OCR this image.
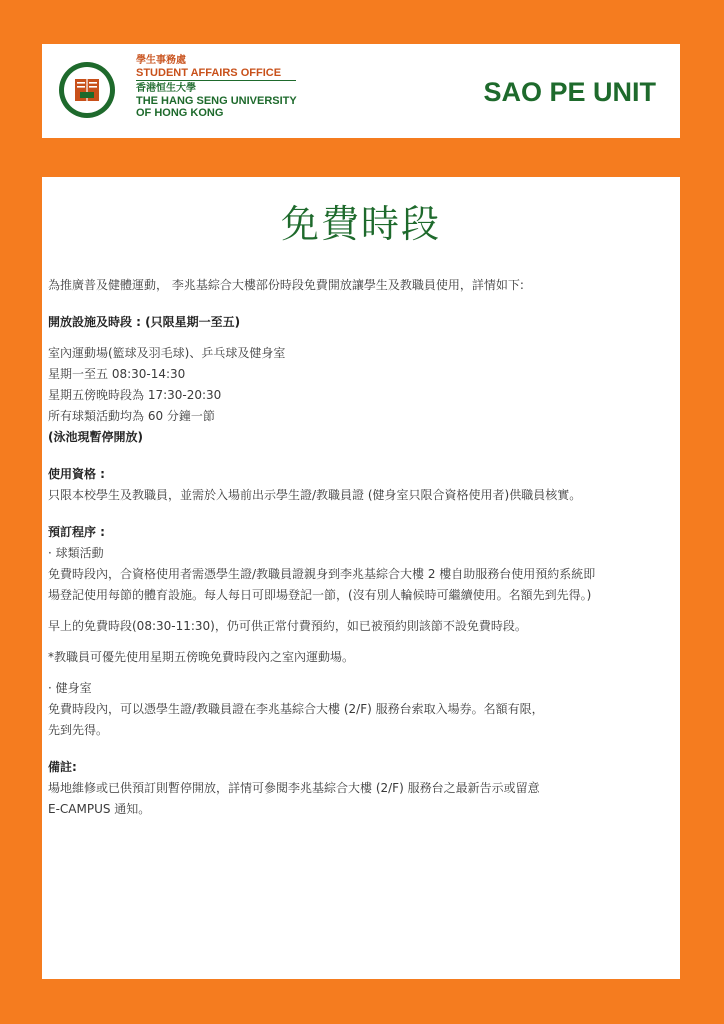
學生事務處
STUDENT AFFAIRS OFFICE
香港恒生大學
THE HANG SENG UNIVERSITY
OF HONG KONG
SAO PE UNIT
免費時段

為推廣普及健體運動， 李兆基綜合大樓部份時段免費開放讓學生及教職員使用，詳情如下:

開放設施及時段 : (只限星期一至五)

室內運動場(籃球及羽毛球)、乒乓球及健身室

星期一至五 08:30-14:30

星期五傍晚時段為 17:30-20:30

所有球類活動均為 60 分鐘一節

(泳池現暫停開放)

使用資格 :

只限本校學生及教職員，並需於入場前出示學生證/教職員證 (健身室只限合資格使用者)供職員核實。

預訂程序 :

· 球類活動

免費時段內，合資格使用者需憑學生證/教職員證親身到李兆基綜合大樓 2 樓自助服務台使用預約系統即

場登記使用每節的體育設施。每人每日可即場登記一節，(沒有別人輪候時可繼續使用。名額先到先得。)

早上的免費時段(08:30-11:30)，仍可供正常付費預約，如已被預約則該節不設免費時段。

*教職員可優先使用星期五傍晚免費時段內之室內運動場。

· 健身室

免費時段內，可以憑學生證/教職員證在李兆基綜合大樓 (2/F) 服務台索取入場券。名額有限，

先到先得。

備註:

場地維修或已供預訂則暫停開放，詳情可參閱李兆基綜合大樓 (2/F) 服務台之最新告示或留意

E-CAMPUS 通知。
